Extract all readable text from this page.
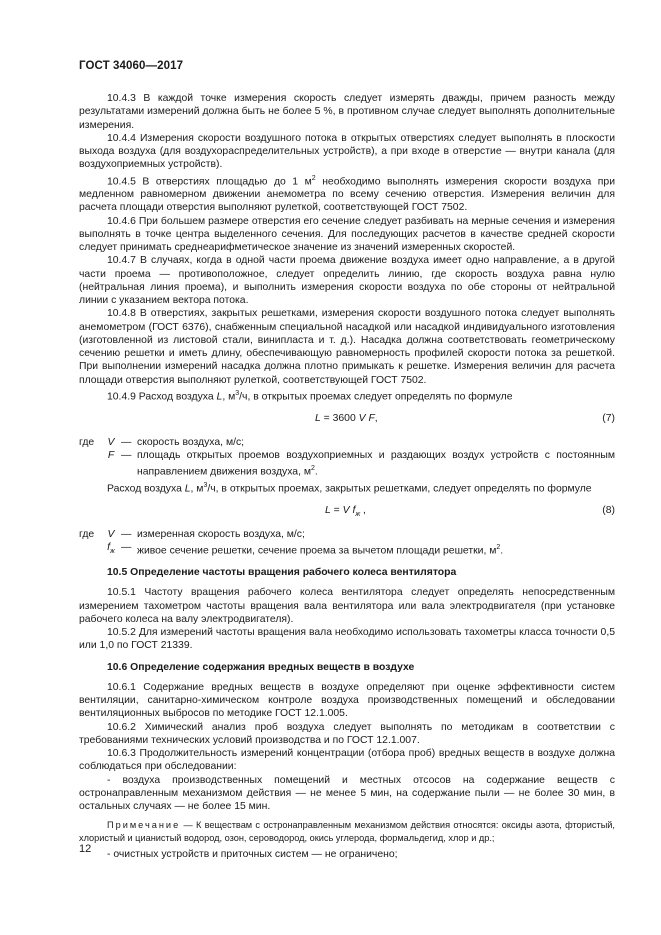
ГОСТ 34060—2017

10.4.3 В каждой точке измерения скорость следует измерять дважды, причем разность между результатами измерений должна быть не более 5 %, в противном случае следует выполнять дополнительные измерения.

10.4.4 Измерения скорости воздушного потока в открытых отверстиях следует выполнять в плоскости выхода воздуха (для воздухораспределительных устройств), а при входе в отверстие — внутри канала (для воздухоприемных устройств).

10.4.5 В отверстиях площадью до 1 $м^2$ необходимо выполнять измерения скорости воздуха при медленном равномерном движении анемометра по всему сечению отверстия. Измерения величин для расчета площади отверстия выполняют рулеткой, соответствующей ГОСТ 7502.

10.4.6 При большем размере отверстия его сечение следует разбивать на мерные сечения и измерения выполнять в точке центра выделенного сечения. Для последующих расчетов в качестве средней скорости следует принимать среднеарифметическое значение из значений измеренных скоростей.

10.4.7 В случаях, когда в одной части проема движение воздуха имеет одно направление, а в другой части проема — противоположное, следует определить линию, где скорость воздуха равна нулю (нейтральная линия проема), и выполнить измерения скорости воздуха по обе стороны от нейтральной линии с указанием вектора потока.

10.4.8 В отверстиях, закрытых решетками, измерения скорости воздушного потока следует выполнять анемометром (ГОСТ 6376), снабженным специальной насадкой или насадкой индивидуального изготовления (изготовленной из листовой стали, винипласта и т. д.). Насадка должна соответствовать геометрическому сечению решетки и иметь длину, обеспечивающую равномерность профилей скорости потока за решеткой. При выполнении измерений насадка должна плотно примыкать к решетке. Измерения величин для расчета площади отверстия выполняют рулеткой, соответствующей ГОСТ 7502.

10.4.9 Расход воздуха L, $м^3/ч$, в открытых проемах следует определять по формуле

L = 3600 V F,	(7)
где	V — скорость воздуха, м/с;
F — площадь открытых проемов воздухоприемных и раздающих воздух устройств с постоянным направлением движения воздуха, $м^2$.

Расход воздуха L, $м^3/ч$, в открытых проемах, закрытых решетками, следует определять по формуле

L = V $f_ж$ ,	(8)
где	V — измеренная скорость воздуха, м/с;
$f_ж$ — живое сечение решетки, сечение проема за вычетом площади решетки, $м^2$.

10.5 Определение частоты вращения рабочего колеса вентилятора

10.5.1 Частоту вращения рабочего колеса вентилятора следует определять непосредственным измерением тахометром частоты вращения вала вентилятора или вала электродвигателя (при установке рабочего колеса на валу электродвигателя).

10.5.2 Для измерений частоты вращения вала необходимо использовать тахометры класса точности 0,5 или 1,0 по ГОСТ 21339.

10.6 Определение содержания вредных веществ в воздухе

10.6.1 Содержание вредных веществ в воздухе определяют при оценке эффективности систем вентиляции, санитарно-химическом контроле воздуха производственных помещений и обследовании вентиляционных выбросов по методике ГОСТ 12.1.005.

10.6.2 Химический анализ проб воздуха следует выполнять по методикам в соответствии с требованиями технических условий производства и по ГОСТ 12.1.007.

10.6.3 Продолжительность измерений концентрации (отбора проб) вредных веществ в воздухе должна соблюдаться при обследовании:

- воздуха производственных помещений и местных отсосов на содержание веществ с остронаправленным механизмом действия — не менее 5 мин, на содержание пыли — не более 30 мин, в остальных случаях — не более 15 мин.

Примечание — К веществам с остронаправленным механизмом действия относятся: оксиды азота, фтористый, хлористый и цианистый водород, озон, сероводород, окись углерода, формальдегид, хлор и др.;

- очистных устройств и приточных систем — не ограничено;

12
